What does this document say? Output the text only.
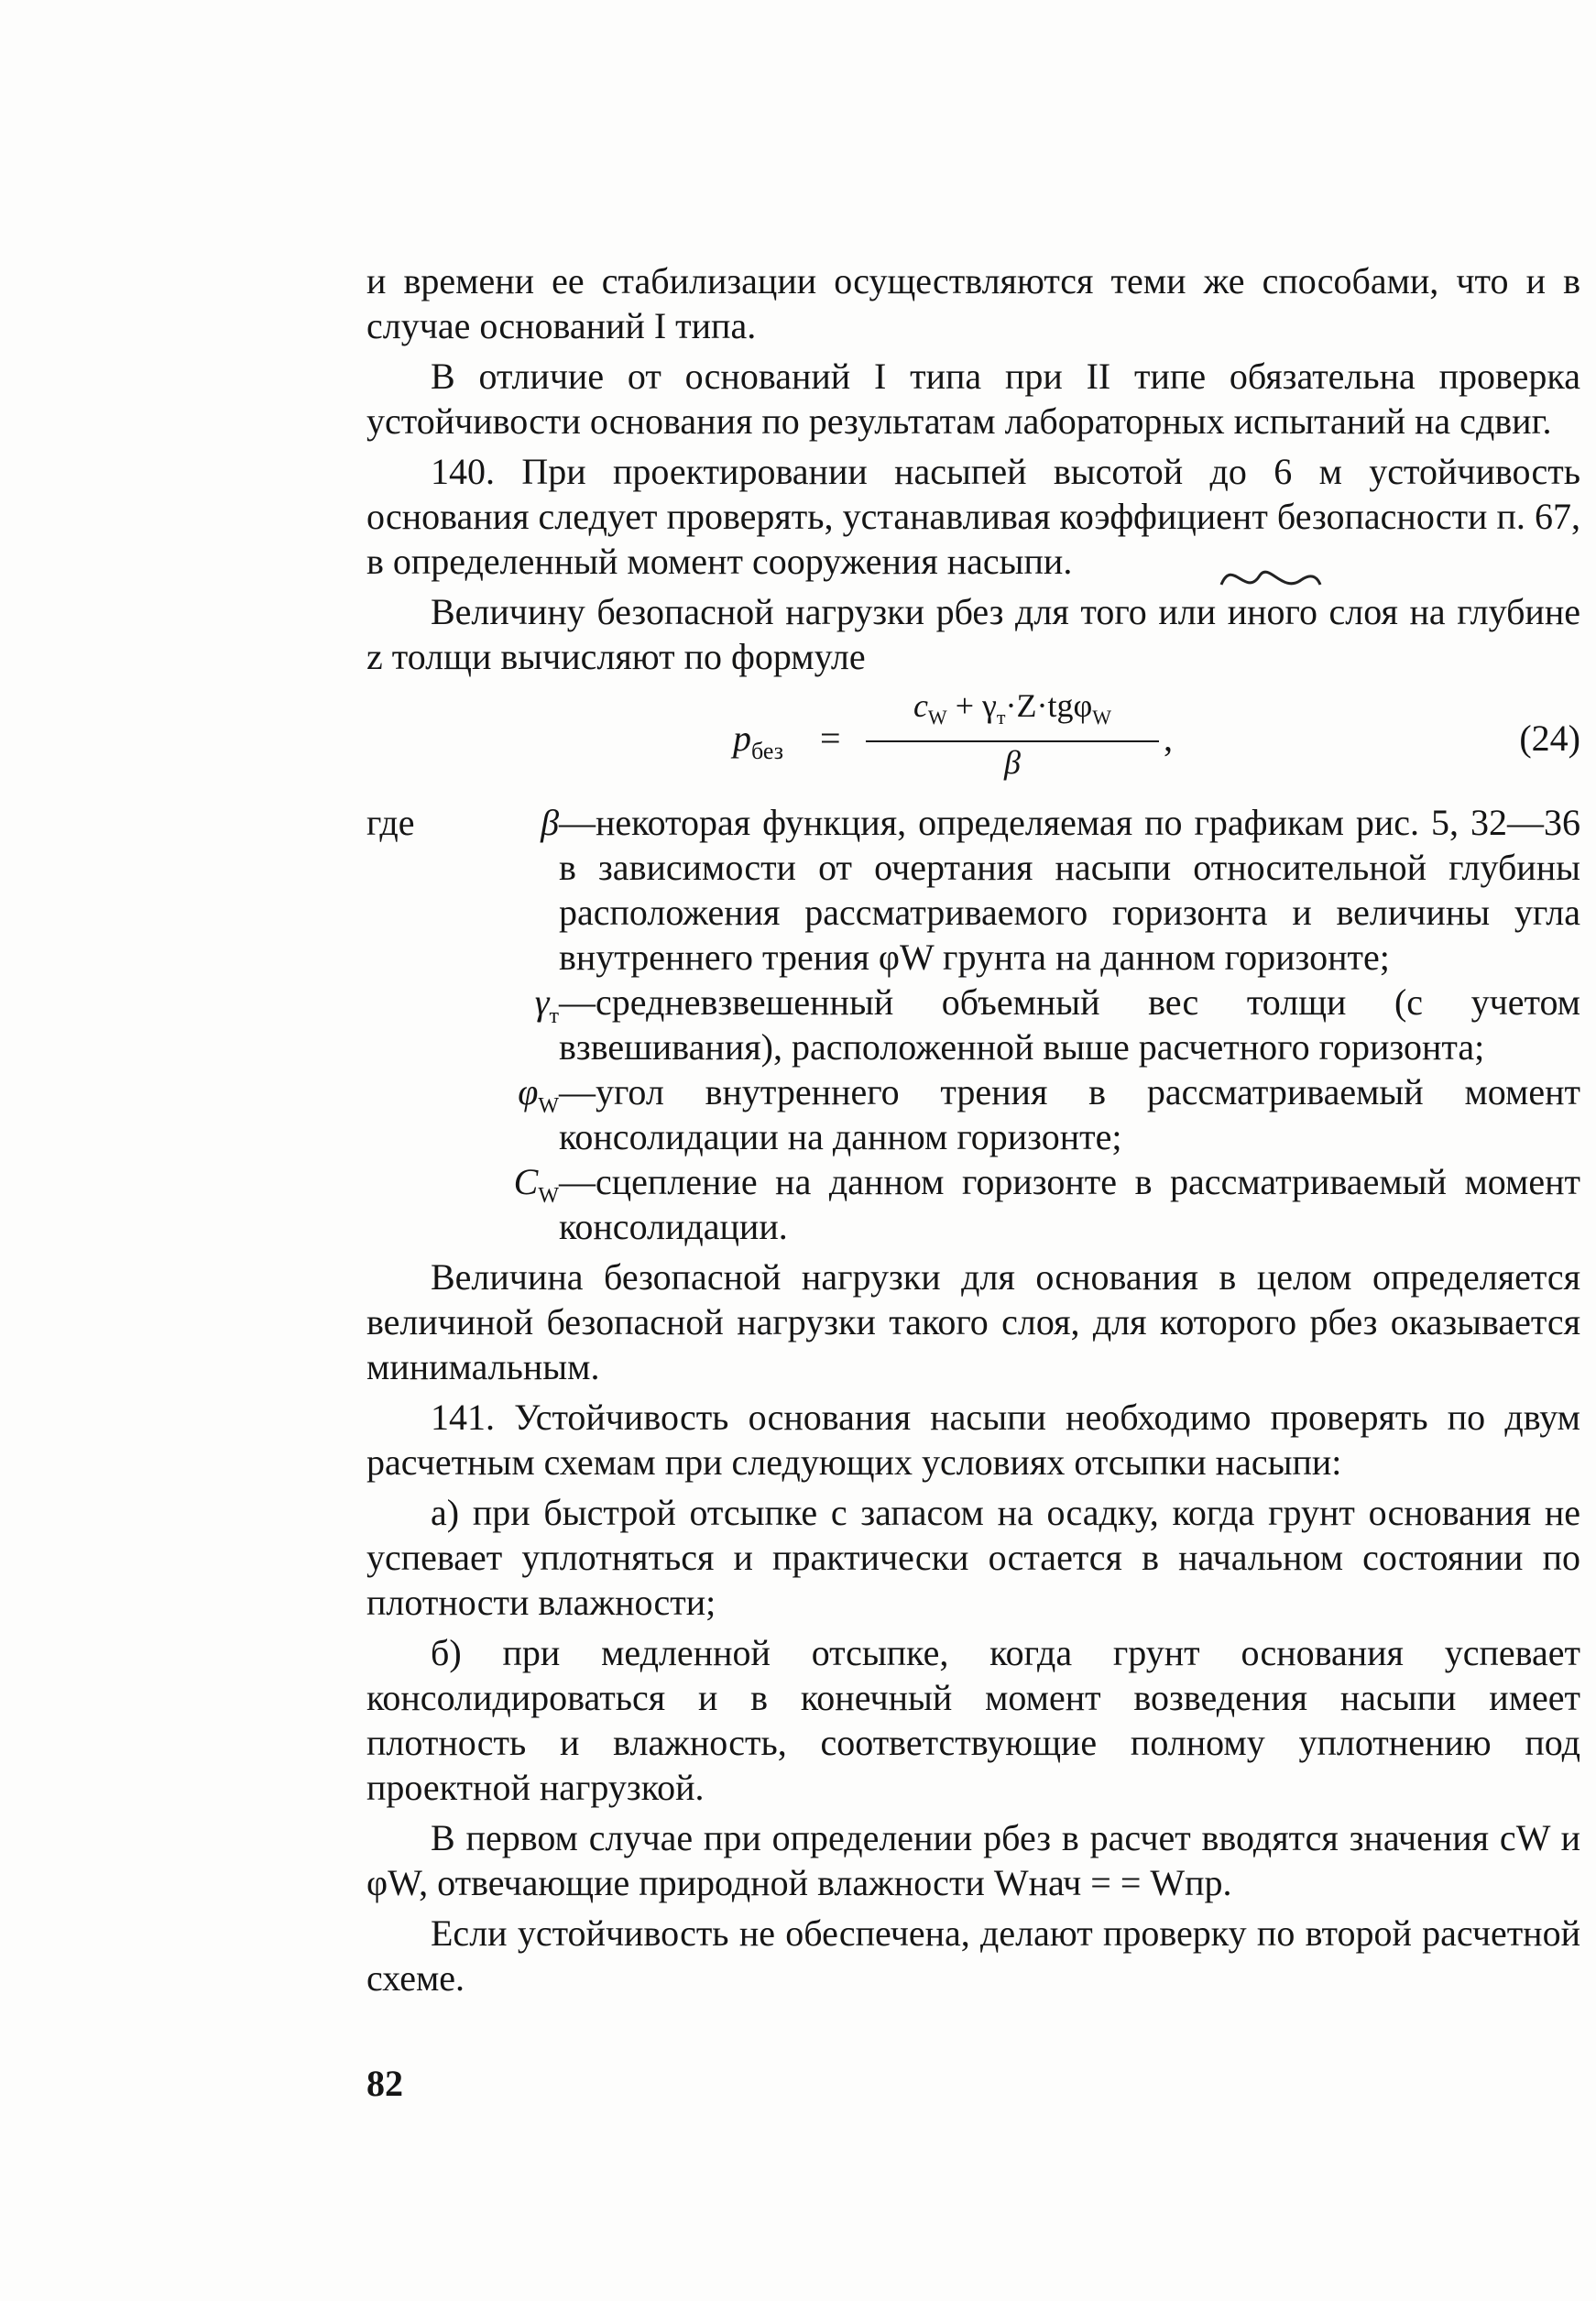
и времени ее стабилизации осуществляются теми же способами, что и в случае оснований I типа.

В отличие от оснований I типа при II типе обязательна проверка устойчивости основания по результатам лабораторных испытаний на сдвиг.

140. При проектировании насыпей высотой до 6 м устойчивость основания следует проверять, устанавливая коэффициент безопасности п. 67, в определенный момент сооружения насыпи.

Величину безопасной нагрузки рбез для того или иного слоя на глубине z толщи вычисляют по формуле

$p_{без}$ =
$c_W + \gamma_т\cdot Z\cdot tg\varphi_W$
β
,	(24)

где	β —некоторая функция, определяемая по графикам рис. 5, 32—36 в зависимости от очертания насыпи относительной глубины расположения рассматриваемого горизонта и величины угла внутреннего трения φW грунта на данном горизонте;

$\gamma_т$ —средневзвешенный объемный вес толщи (с учетом взвешивания), расположенной выше расчетного горизонта;

$\varphi_W$ —угол внутреннего трения в рассматриваемый момент консолидации на данном горизонте;

$C_W$ —сцепление на данном горизонте в рассматриваемый момент консолидации.

Величина безопасной нагрузки для основания в целом определяется величиной безопасной нагрузки такого слоя, для которого рбез оказывается минимальным.

141. Устойчивость основания насыпи необходимо проверять по двум расчетным схемам при следующих условиях отсыпки насыпи:

а) при быстрой отсыпке с запасом на осадку, когда грунт основания не успевает уплотняться и практически остается в начальном состоянии по плотности влажности;

б) при медленной отсыпке, когда грунт основания успевает консолидироваться и в конечный момент возведения насыпи имеет плотность и влажность, соответствующие полному уплотнению под проектной нагрузкой.

В первом случае при определении рбез в расчет вводятся значения cW и φW, отвечающие природной влажности Wнач = = Wпр.

Если устойчивость не обеспечена, делают проверку по второй расчетной схеме.

82
